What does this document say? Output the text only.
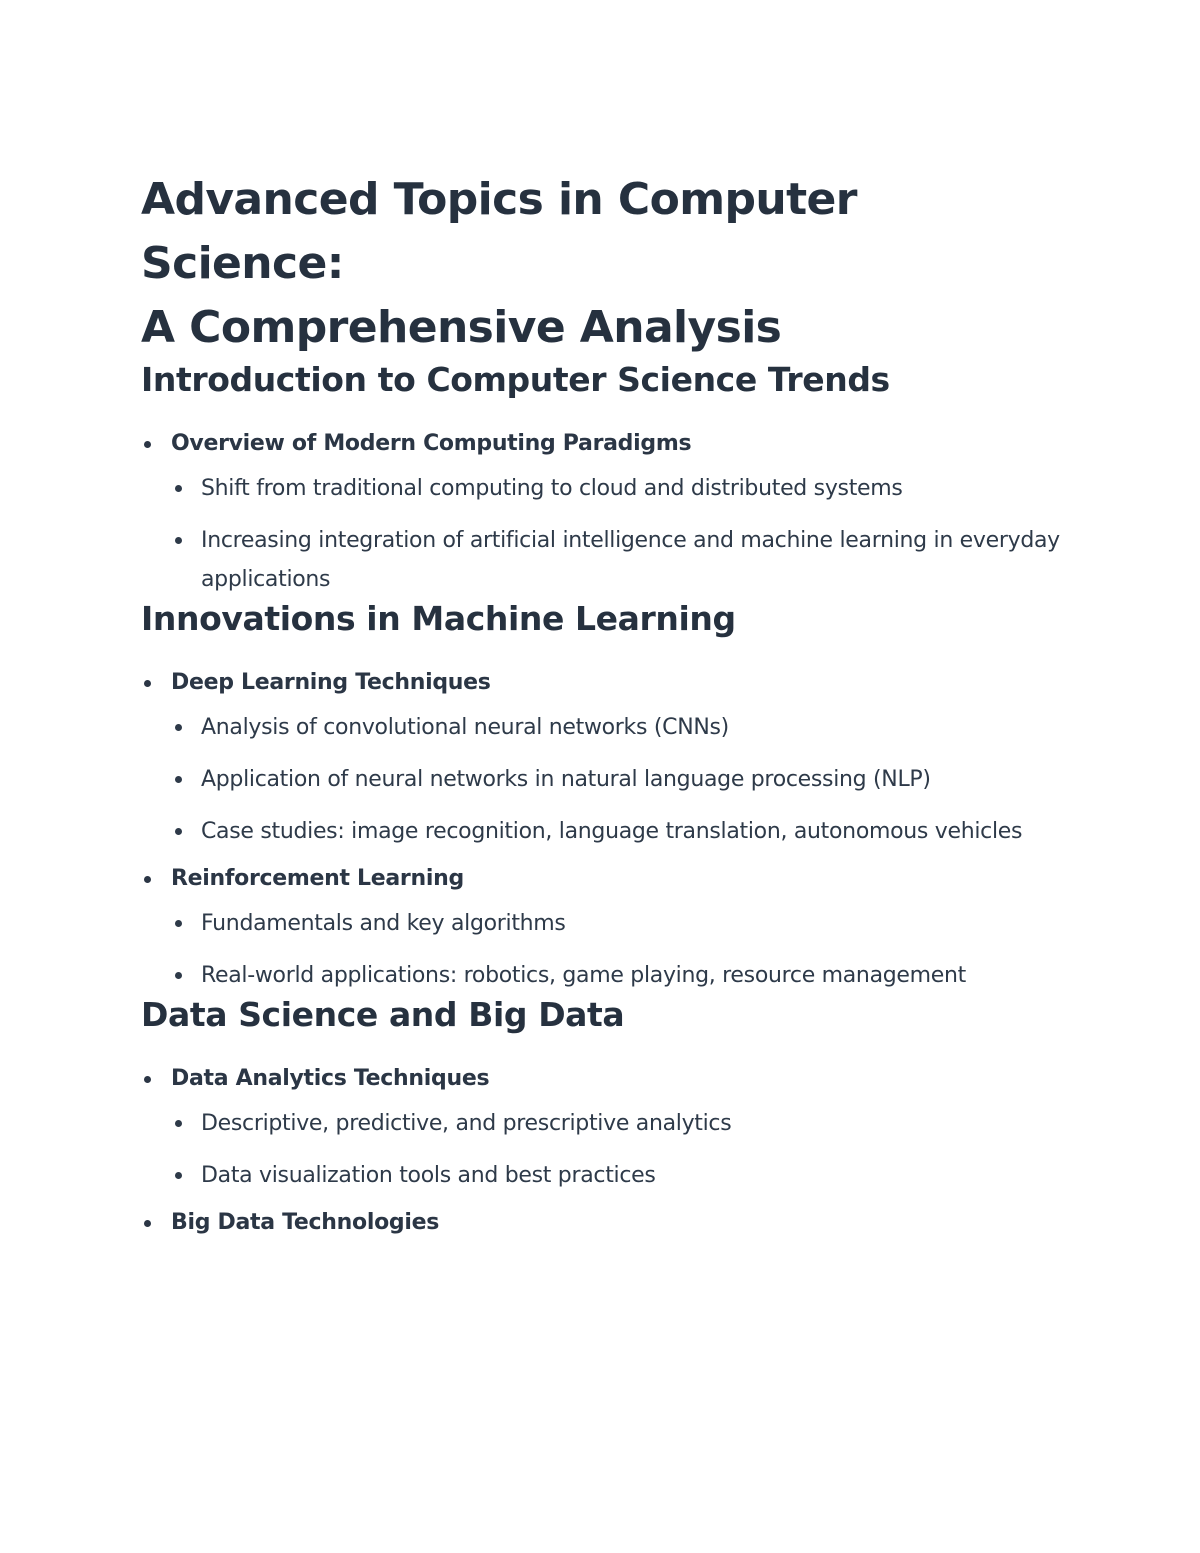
Advanced Topics in Computer Science:
A Comprehensive Analysis
Introduction to Computer Science Trends
Overview of Modern Computing Paradigms
Shift from traditional computing to cloud and distributed systems
Increasing integration of artificial intelligence and machine learning in everyday applications
Innovations in Machine Learning
Deep Learning Techniques
Analysis of convolutional neural networks (CNNs)
Application of neural networks in natural language processing (NLP)
Case studies: image recognition, language translation, autonomous vehicles
Reinforcement Learning
Fundamentals and key algorithms
Real-world applications: robotics, game playing, resource management
Data Science and Big Data
Data Analytics Techniques
Descriptive, predictive, and prescriptive analytics
Data visualization tools and best practices
Big Data Technologies
